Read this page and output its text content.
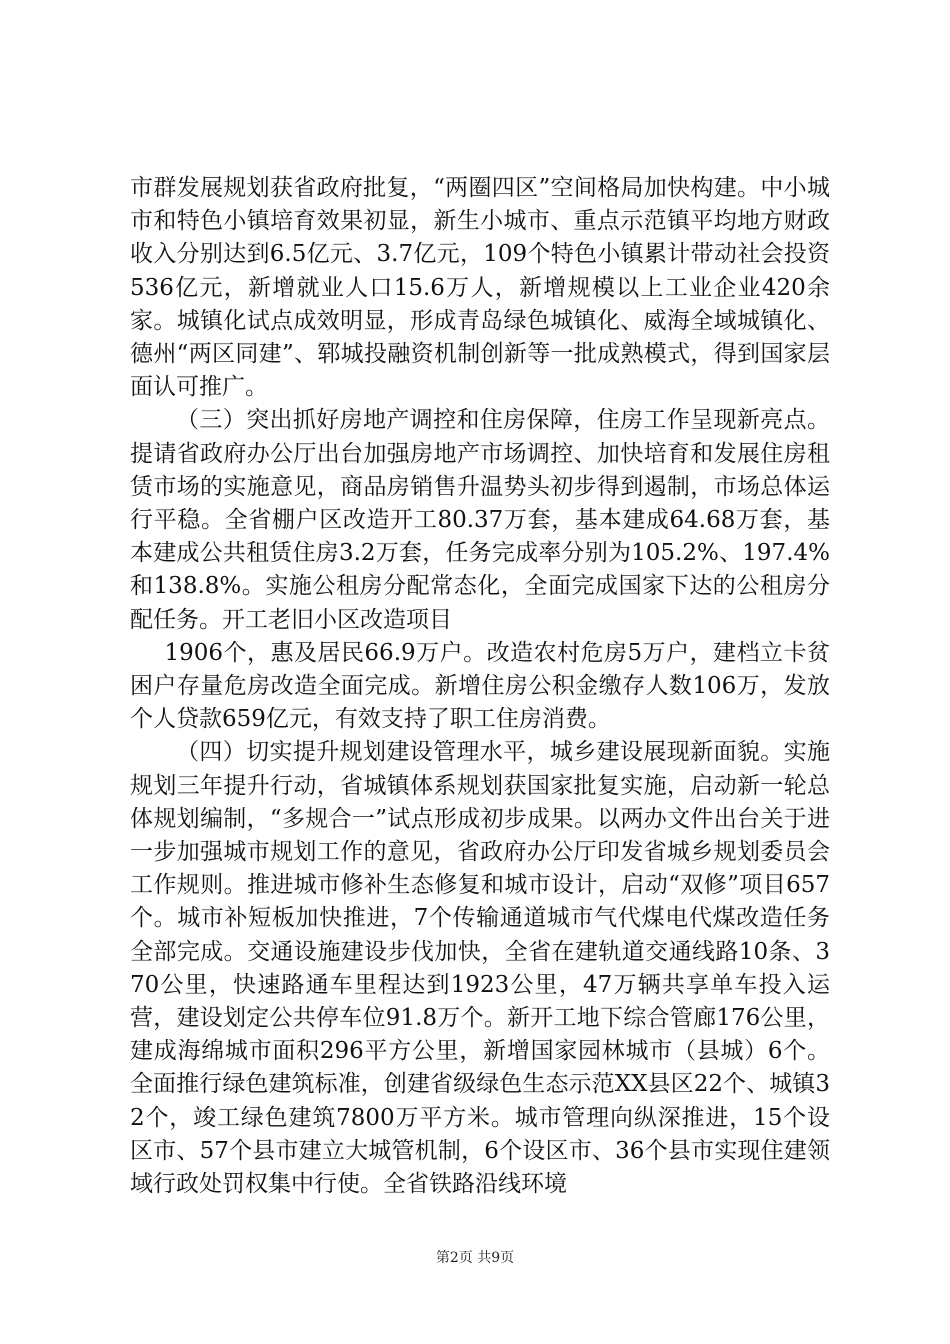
市群发展规划获省政府批复，“两圈四区”空间格局加快构建。中小城市和特色小镇培育效果初显，新生小城市、重点示范镇平均地方财政收入分别达到6.5亿元、3.7亿元，109个特色小镇累计带动社会投资536亿元，新增就业人口15.6万人，新增规模以上工业企业420余家。城镇化试点成效明显，形成青岛绿色城镇化、威海全域城镇化、德州“两区同建”、郓城投融资机制创新等一批成熟模式，得到国家层面认可推广。

（三）突出抓好房地产调控和住房保障，住房工作呈现新亮点。提请省政府办公厅出台加强房地产市场调控、加快培育和发展住房租赁市场的实施意见，商品房销售升温势头初步得到遏制，市场总体运行平稳。全省棚户区改造开工80.37万套，基本建成64.68万套，基本建成公共租赁住房3.2万套，任务完成率分别为105.2%、197.4%和138.8%。实施公租房分配常态化，全面完成国家下达的公租房分配任务。开工老旧小区改造项目

1906个，惠及居民66.9万户。改造农村危房5万户，建档立卡贫困户存量危房改造全面完成。新增住房公积金缴存人数106万，发放个人贷款659亿元，有效支持了职工住房消费。

（四）切实提升规划建设管理水平，城乡建设展现新面貌。实施规划三年提升行动，省城镇体系规划获国家批复实施，启动新一轮总体规划编制，“多规合一”试点形成初步成果。以两办文件出台关于进一步加强城市规划工作的意见，省政府办公厅印发省城乡规划委员会工作规则。推进城市修补生态修复和城市设计，启动“双修”项目657个。城市补短板加快推进，7个传输通道城市气代煤电代煤改造任务全部完成。交通设施建设步伐加快，全省在建轨道交通线路10条、370公里，快速路通车里程达到1923公里，47万辆共享单车投入运营，建设划定公共停车位91.8万个。新开工地下综合管廊176公里，建成海绵城市面积296平方公里，新增国家园林城市（县城）6个。全面推行绿色建筑标准，创建省级绿色生态示范XX县区22个、城镇32个，竣工绿色建筑7800万平方米。城市管理向纵深推进，15个设区市、57个县市建立大城管机制，6个设区市、36个县市实现住建领域行政处罚权集中行使。全省铁路沿线环境

第2页 共9页
